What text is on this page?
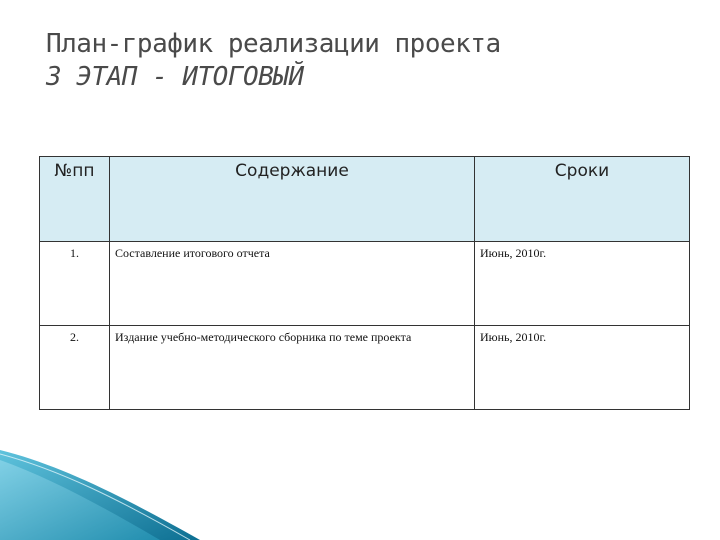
План-график реализации проекта
3 ЭТАП - ИТОГОВЫЙ
№пп	Содержание	Сроки
1.	Составление итогового отчета	Июнь, 2010г.
2.	Издание учебно-методического сборника по теме проекта	Июнь, 2010г.
